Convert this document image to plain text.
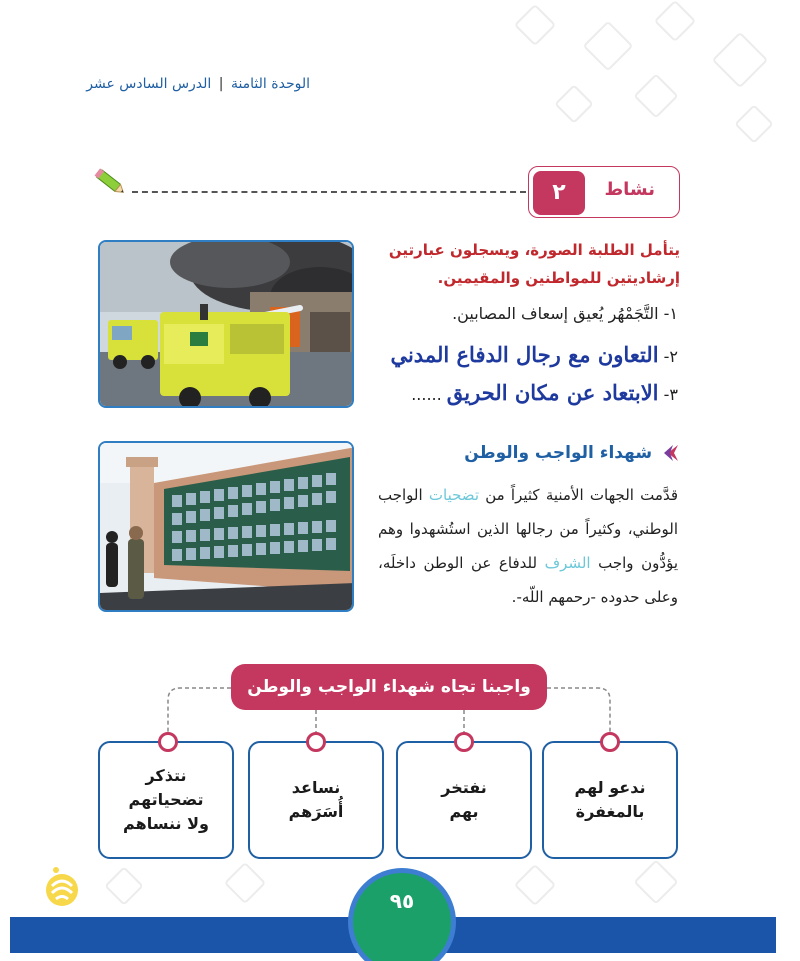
الوحدة الثامنة | الدرس السادس عشر
نشاط
٢
يتأمل الطلبة الصورة، ويسجلون عبارتين إرشاديتين للمواطنين والمقيمين.
١- التَّجَمْهُر يُعيق إسعاف المصابين.
٢- التعاون مع رجال الدفاع المدني
٣- الابتعاد عن مكان الحريق ......
شهداء الواجب والوطن
قدَّمت الجهات الأمنية كثيراً من تضحيات الواجب الوطني، وكثيراً من رجالها الذين استُشهدوا وهم يؤدُّون واجب الشرف للدفاع عن الوطن داخلَه، وعلى حدوده -رحمهم اللّه-.
واجبنا تجاه شهداء الواجب والوطن
ندعو لهم
بالمغفرة
نفتخر
بهم
نساعد
أُسَرَهم
نتذكر
تضحياتهم
ولا ننساهم
٩٥
